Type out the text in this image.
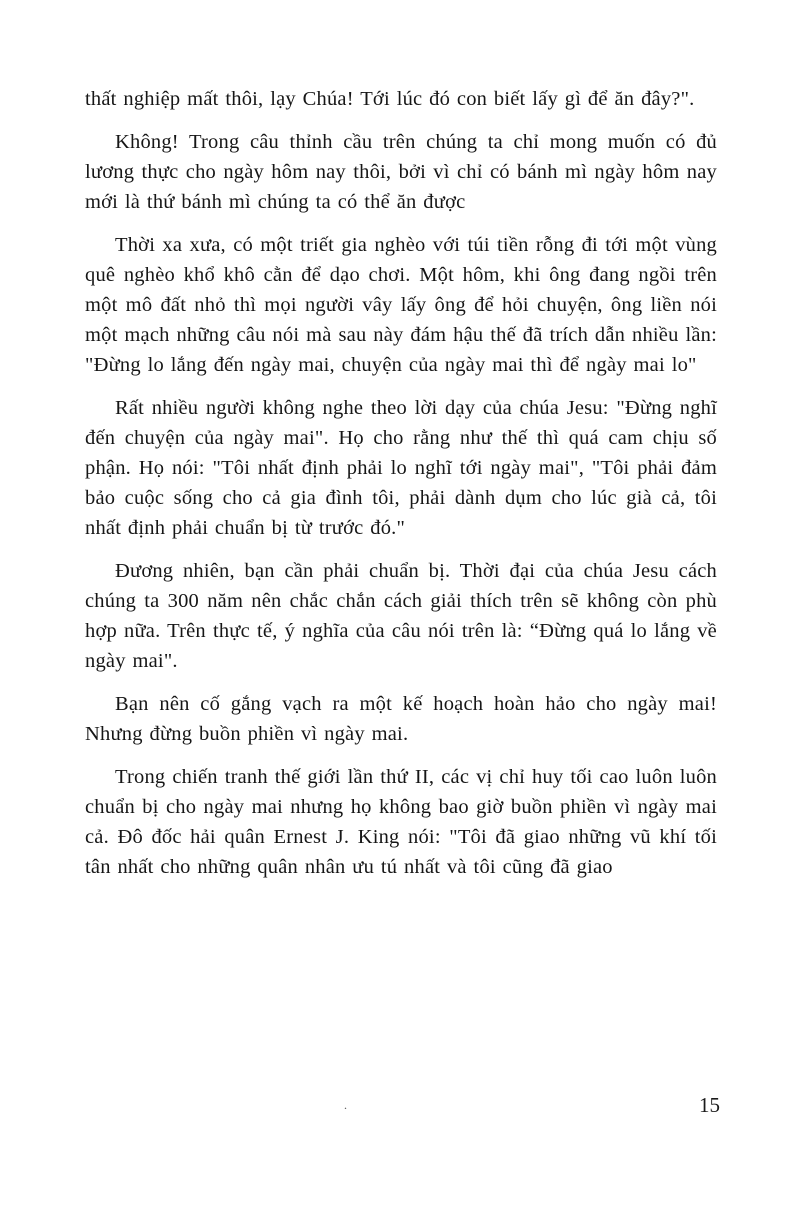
thất nghiệp mất thôi, lạy Chúa! Tới lúc đó con biết lấy gì để ăn đây?".

Không! Trong câu thỉnh cầu trên chúng ta chỉ mong muốn có đủ lương thực cho ngày hôm nay thôi, bởi vì chỉ có bánh mì ngày hôm nay mới là thứ bánh mì chúng ta có thể ăn được

Thời xa xưa, có một triết gia nghèo với túi tiền rỗng đi tới một vùng quê nghèo khổ khô cằn để dạo chơi. Một hôm, khi ông đang ngồi trên một mô đất nhỏ thì mọi người vây lấy ông để hỏi chuyện, ông liền nói một mạch những câu nói mà sau này đám hậu thế đã trích dẫn nhiều lần: "Đừng lo lắng đến ngày mai, chuyện của ngày mai thì để ngày mai lo"

Rất nhiều người không nghe theo lời dạy của chúa Jesu: "Đừng nghĩ đến chuyện của ngày mai". Họ cho rằng như thế thì quá cam chịu số phận. Họ nói: "Tôi nhất định phải lo nghĩ tới ngày mai", "Tôi phải đảm bảo cuộc sống cho cả gia đình tôi, phải dành dụm cho lúc già cả, tôi nhất định phải chuẩn bị từ trước đó."

Đương nhiên, bạn cần phải chuẩn bị. Thời đại của chúa Jesu cách chúng ta 300 năm nên chắc chắn cách giải thích trên sẽ không còn phù hợp nữa. Trên thực tế, ý nghĩa của câu nói trên là: “Đừng quá lo lắng về ngày mai".

Bạn nên cố gắng vạch ra một kế hoạch hoàn hảo cho ngày mai! Nhưng đừng buồn phiền vì ngày mai.

Trong chiến tranh thế giới lần thứ II, các vị chỉ huy tối cao luôn luôn chuẩn bị cho ngày mai nhưng họ không bao giờ buồn phiền vì ngày mai cả. Đô đốc hải quân Ernest J. King nói: "Tôi đã giao những vũ khí tối tân nhất cho những quân nhân ưu tú nhất và tôi cũng đã giao

.	15
